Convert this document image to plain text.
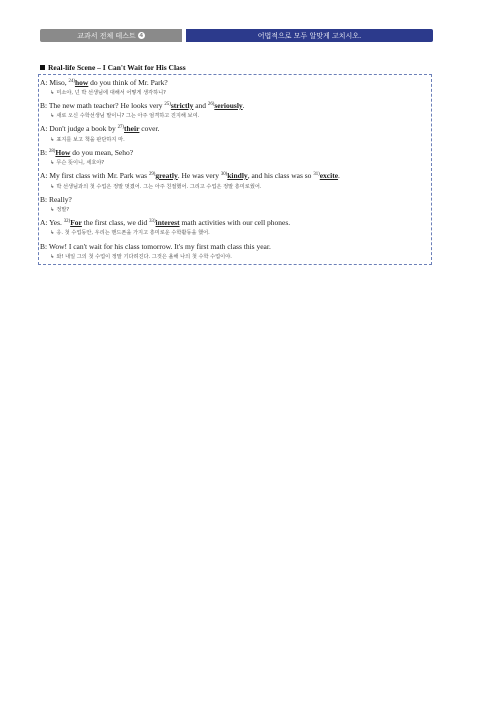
교과서 전체 테스트 4	어법적으로 모두 알맞게 고치시오.
Real-life Scene – I Can't Wait for His Class
A: Miso, $^{24)}$how do you think of Mr. Park?
↳ 미소야, 넌 박 선생님에 대해서 어떻게 생각하니?
B: The new math teacher? He looks very $^{25)}$strictly and $^{26)}$seriously.
↳ 새로 오신 수학선생님 말이니? 그는 아주 엄격하고 진지해 보여.
A: Don't judge a book by $^{27)}$their cover.
↳ 표지를 보고 책을 판단하지 마.
B: $^{28)}$How do you mean, Seho?
↳ 무슨 뜻이니, 세호야?
A: My first class with Mr. Park was $^{29)}$greatly. He was very $^{30)}$kindly, and his class was so $^{31)}$excite.
↳ 박 선생님과의 첫 수업은 정말 멋졌어. 그는 아주 친절했어. 그리고 수업은 정말 흥미로웠어.
B: Really?
↳ 정말?
A: Yes. $^{32)}$For the first class, we did $^{33)}$interest math activities with our cell phones.
↳ 응. 첫 수업동안, 우리는 핸드폰을 가지고 흥미로운 수학활동을 했어.
B: Wow! I can't wait for his class tomorrow. It's my first math class this year.
↳ 와! 내일 그의 첫 수업이 정말 기다려진다. 그것은 올해 나의 첫 수학 수업이야.
